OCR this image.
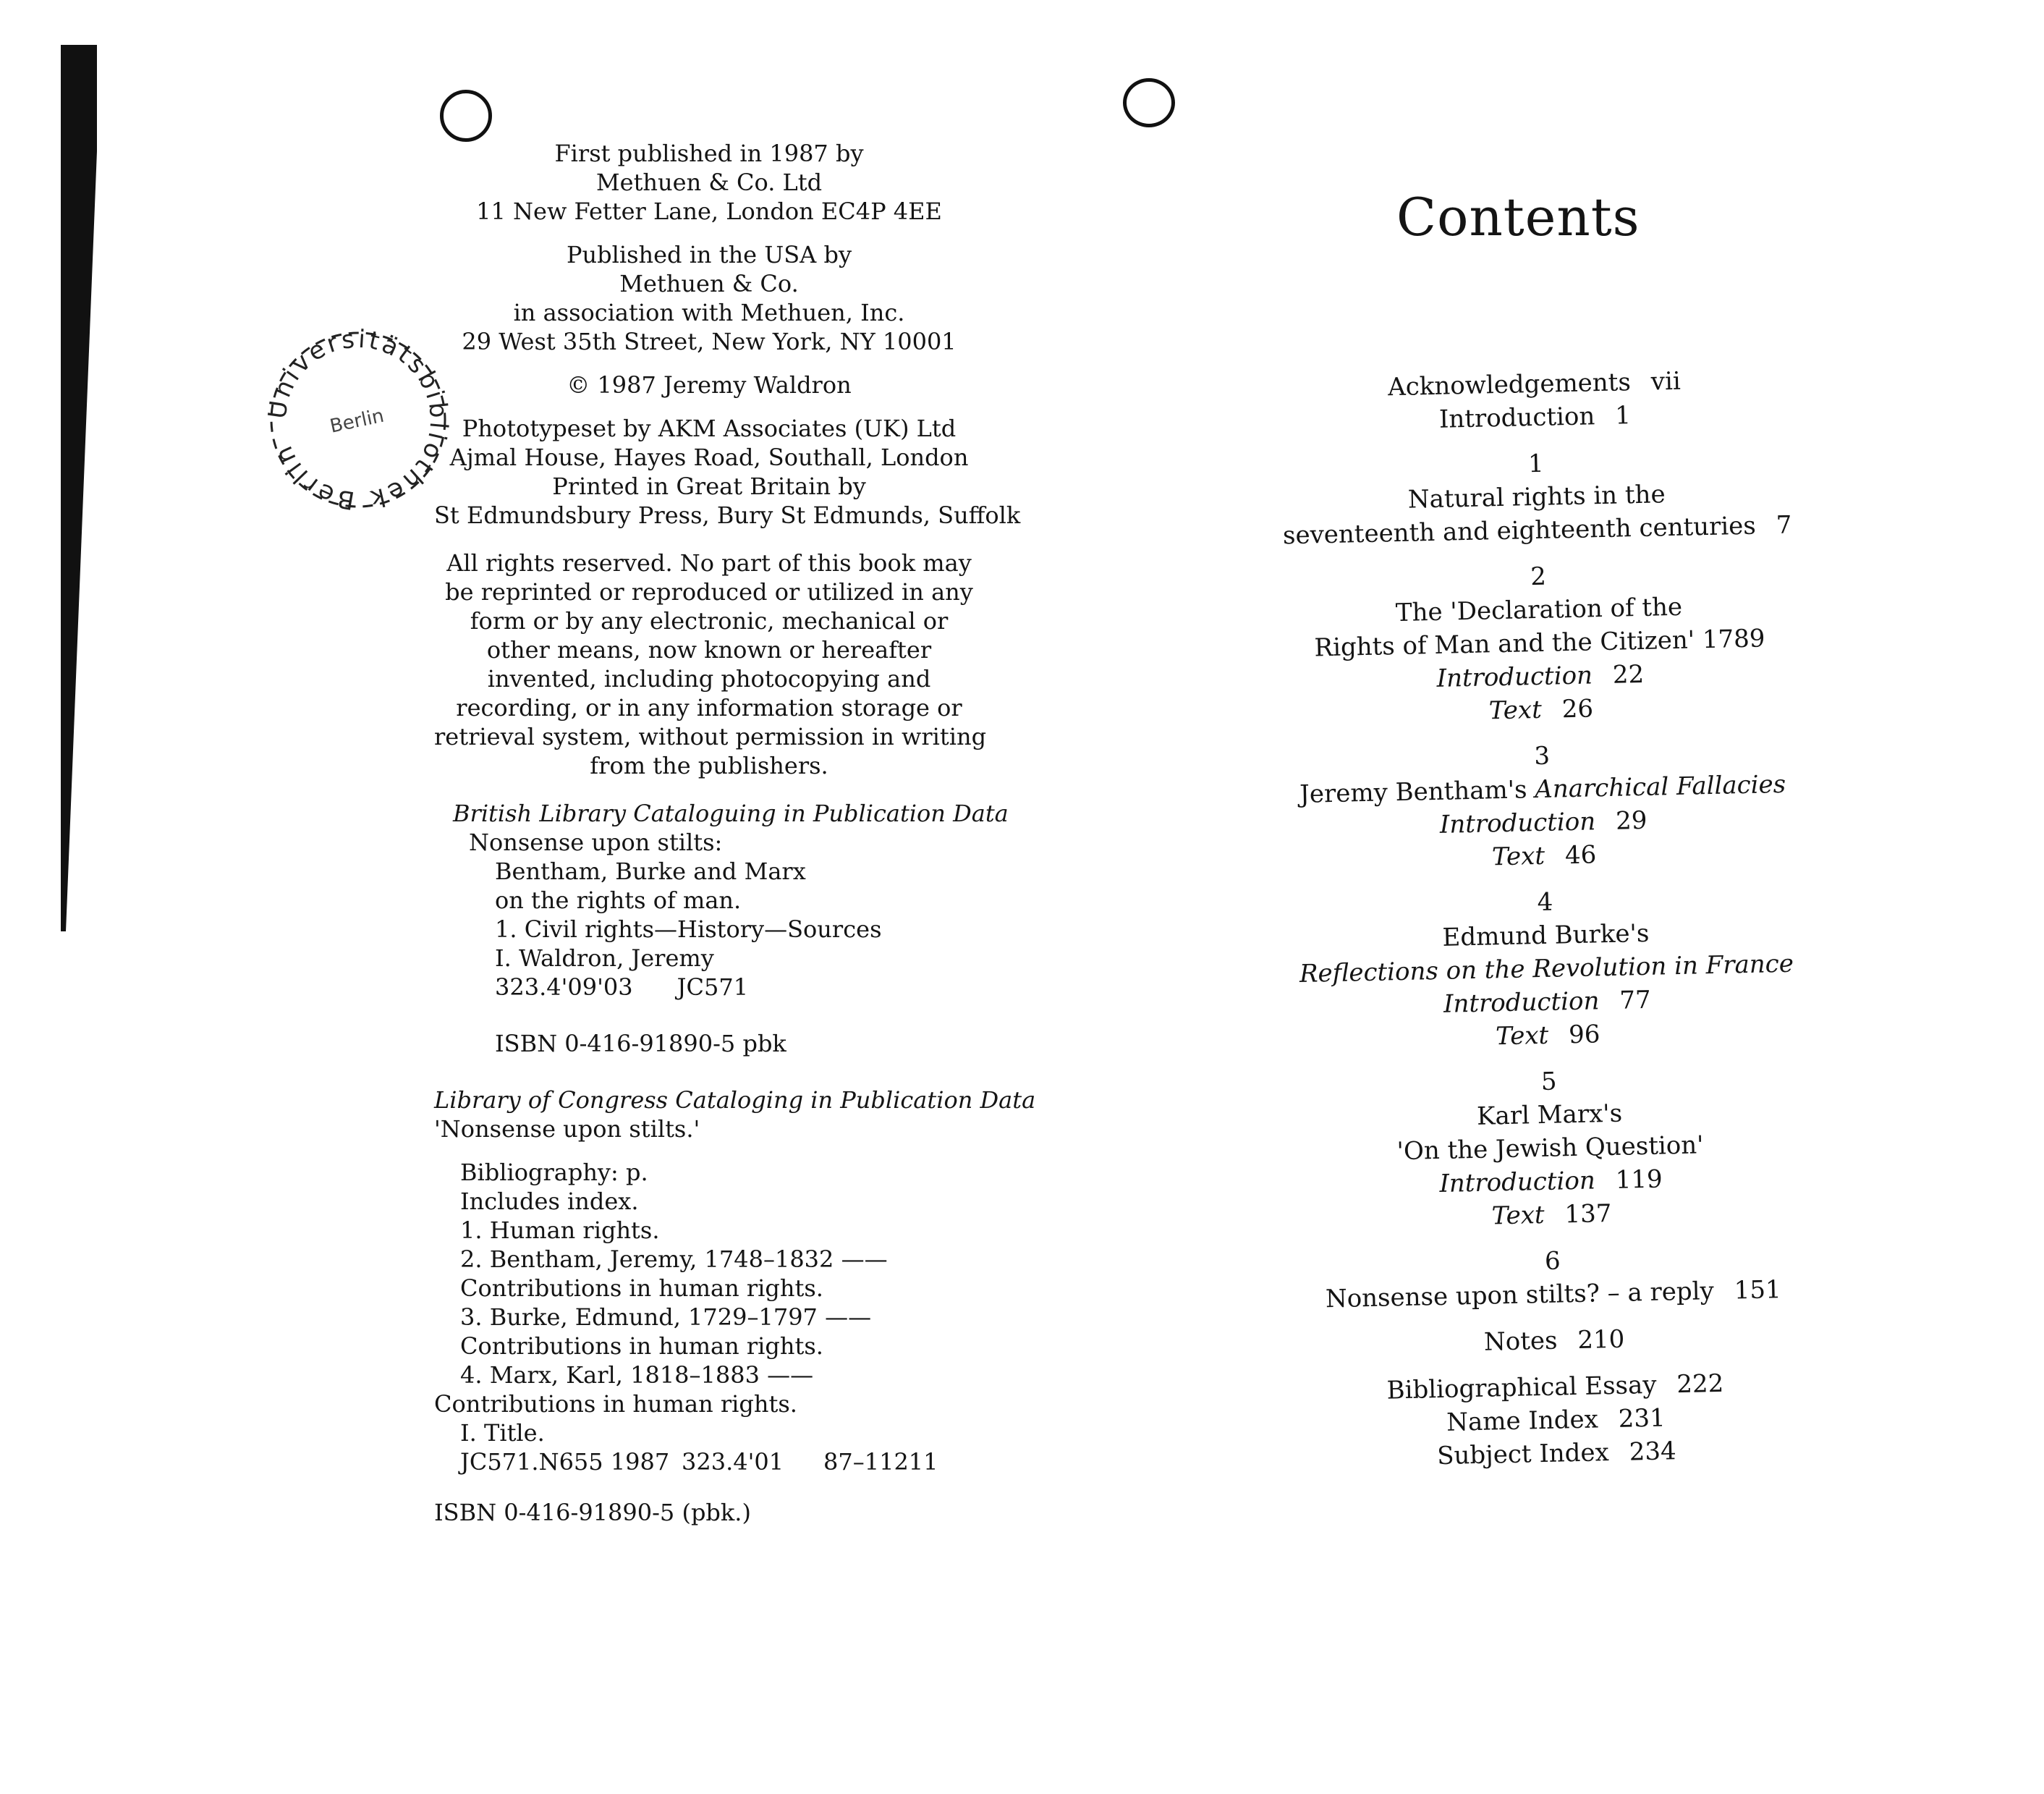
Universitätsbibliothek Berlin
Berlin
First published in 1987 by
Methuen & Co. Ltd
11 New Fetter Lane, London EC4P 4EE
Published in the USA by
Methuen & Co.
in association with Methuen, Inc.
29 West 35th Street, New York, NY 10001
© 1987 Jeremy Waldron
Phototypeset by AKM Associates (UK) Ltd
Ajmal House, Hayes Road, Southall, London
Printed in Great Britain by
St Edmundsbury Press, Bury St Edmunds, Suffolk
All rights reserved. No part of this book may
be reprinted or reproduced or utilized in any
form or by any electronic, mechanical or
other means, now known or hereafter
invented, including photocopying and
recording, or in any information storage or
retrieval system, without permission in writing
from the publishers.
British Library Cataloguing in Publication Data
Nonsense upon stilts:
Bentham, Burke and Marx
on the rights of man.
1. Civil rights—History—Sources
I. Waldron, Jeremy
323.4'09'03      JC571
ISBN 0-416-91890-5 pbk
Library of Congress Cataloging in Publication Data
'Nonsense upon stilts.'
Bibliography: p.
Includes index.
1. Human rights.
2. Bentham, Jeremy, 1748–1832 ——
Contributions in human rights.
3. Burke, Edmund, 1729–1797 ——
Contributions in human rights.
4. Marx, Karl, 1818–1883 ——
Contributions in human rights.
I. Title.
JC571.N655 1987 323.4'01	87–11211
ISBN 0-416-91890-5 (pbk.)
Contents
Acknowledgements vii
Introduction 1
1
Natural rights in the
seventeenth and eighteenth centuries 7
2
The 'Declaration of the
Rights of Man and the Citizen' 1789
Introduction 22
Text 26
3
Jeremy Bentham's Anarchical Fallacies
Introduction 29
Text 46
4
Edmund Burke's
Reflections on the Revolution in France
Introduction 77
Text 96
5
Karl Marx's
'On the Jewish Question'
Introduction 119
Text 137
6
Nonsense upon stilts? – a reply 151
Notes 210
Bibliographical Essay 222
Name Index 231
Subject Index 234
